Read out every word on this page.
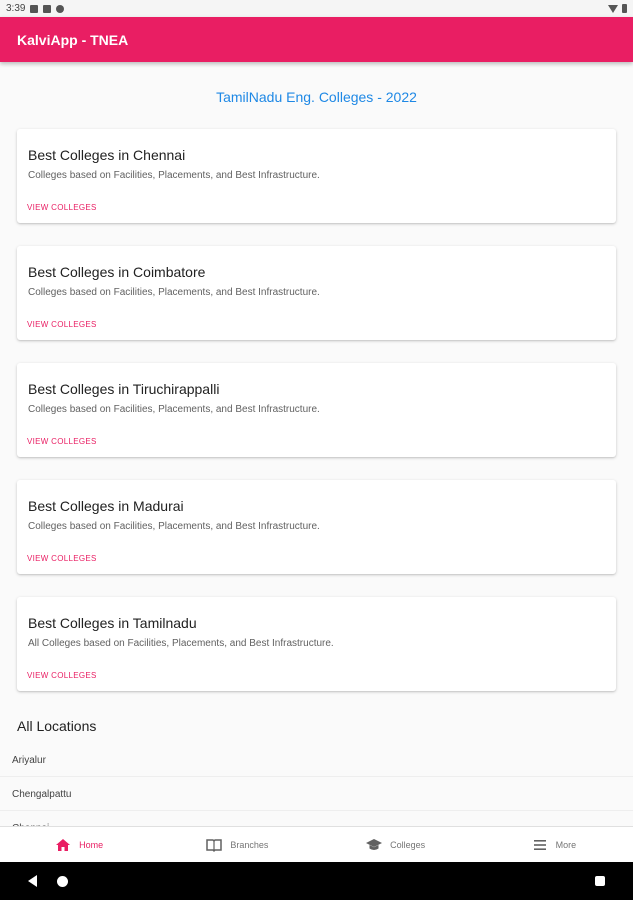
3:39
KalviApp - TNEA
TamilNadu Eng. Colleges - 2022
Best Colleges in Chennai
Colleges based on Facilities, Placements, and Best Infrastructure.
VIEW COLLEGES
Best Colleges in Coimbatore
Colleges based on Facilities, Placements, and Best Infrastructure.
VIEW COLLEGES
Best Colleges in Tiruchirappalli
Colleges based on Facilities, Placements, and Best Infrastructure.
VIEW COLLEGES
Best Colleges in Madurai
Colleges based on Facilities, Placements, and Best Infrastructure.
VIEW COLLEGES
Best Colleges in Tamilnadu
All Colleges based on Facilities, Placements, and Best Infrastructure.
VIEW COLLEGES
All Locations
Ariyalur
Chengalpattu
Home	Branches	Colleges	More
